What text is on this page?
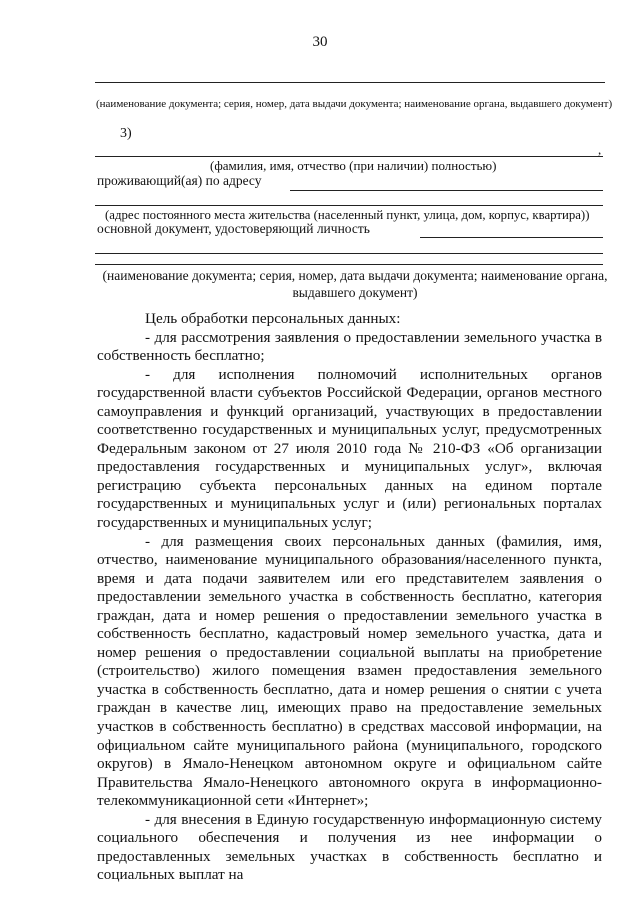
30
(наименование документа; серия, номер, дата выдачи документа; наименование органа, выдавшего документ)
3)
,
(фамилия, имя, отчество (при наличии) полностью)
проживающий(ая) по адресу
(адрес постоянного места жительства (населенный пункт, улица, дом, корпус, квартира))
основной документ, удостоверяющий личность
(наименование документа; серия, номер, дата выдачи документа; наименование органа,
выдавшего документ)

Цель обработки персональных данных:

- для рассмотрения заявления о предоставлении земельного участка в собственность бесплатно;

- для исполнения полномочий исполнительных органов государственной власти субъектов Российской Федерации, органов местного самоуправления и функций организаций, участвующих в предоставлении соответственно государственных и муниципальных услуг, предусмотренных Федеральным законом от 27 июля 2010 года № 210-ФЗ «Об организации предоставления государственных и муниципальных услуг», включая регистрацию субъекта персональных данных на едином портале государственных и муниципальных услуг и (или) региональных порталах государственных и муниципальных услуг;

- для размещения своих персональных данных (фамилия, имя, отчество, наименование муниципального образования/населенного пункта, время и дата подачи заявителем или его представителем заявления о предоставлении земельного участка в собственность бесплатно, категория граждан, дата и номер решения о предоставлении земельного участка в собственность бесплатно, кадастровый номер земельного участка, дата и номер решения о предоставлении социальной выплаты на приобретение (строительство) жилого помещения взамен предоставления земельного участка в собственность бесплатно, дата и номер решения о снятии с учета граждан в качестве лиц, имеющих право на предоставление земельных участков в собственность бесплатно) в средствах массовой информации, на официальном сайте муниципального района (муниципального, городского округов) в Ямало-Ненецком автономном округе и официальном сайте Правительства Ямало-Ненецкого автономного округа в информационно-телекоммуникационной сети «Интернет»;

- для внесения в Единую государственную информационную систему социального обеспечения и получения из нее информации о предоставленных земельных участках в собственность бесплатно и социальных выплат на
